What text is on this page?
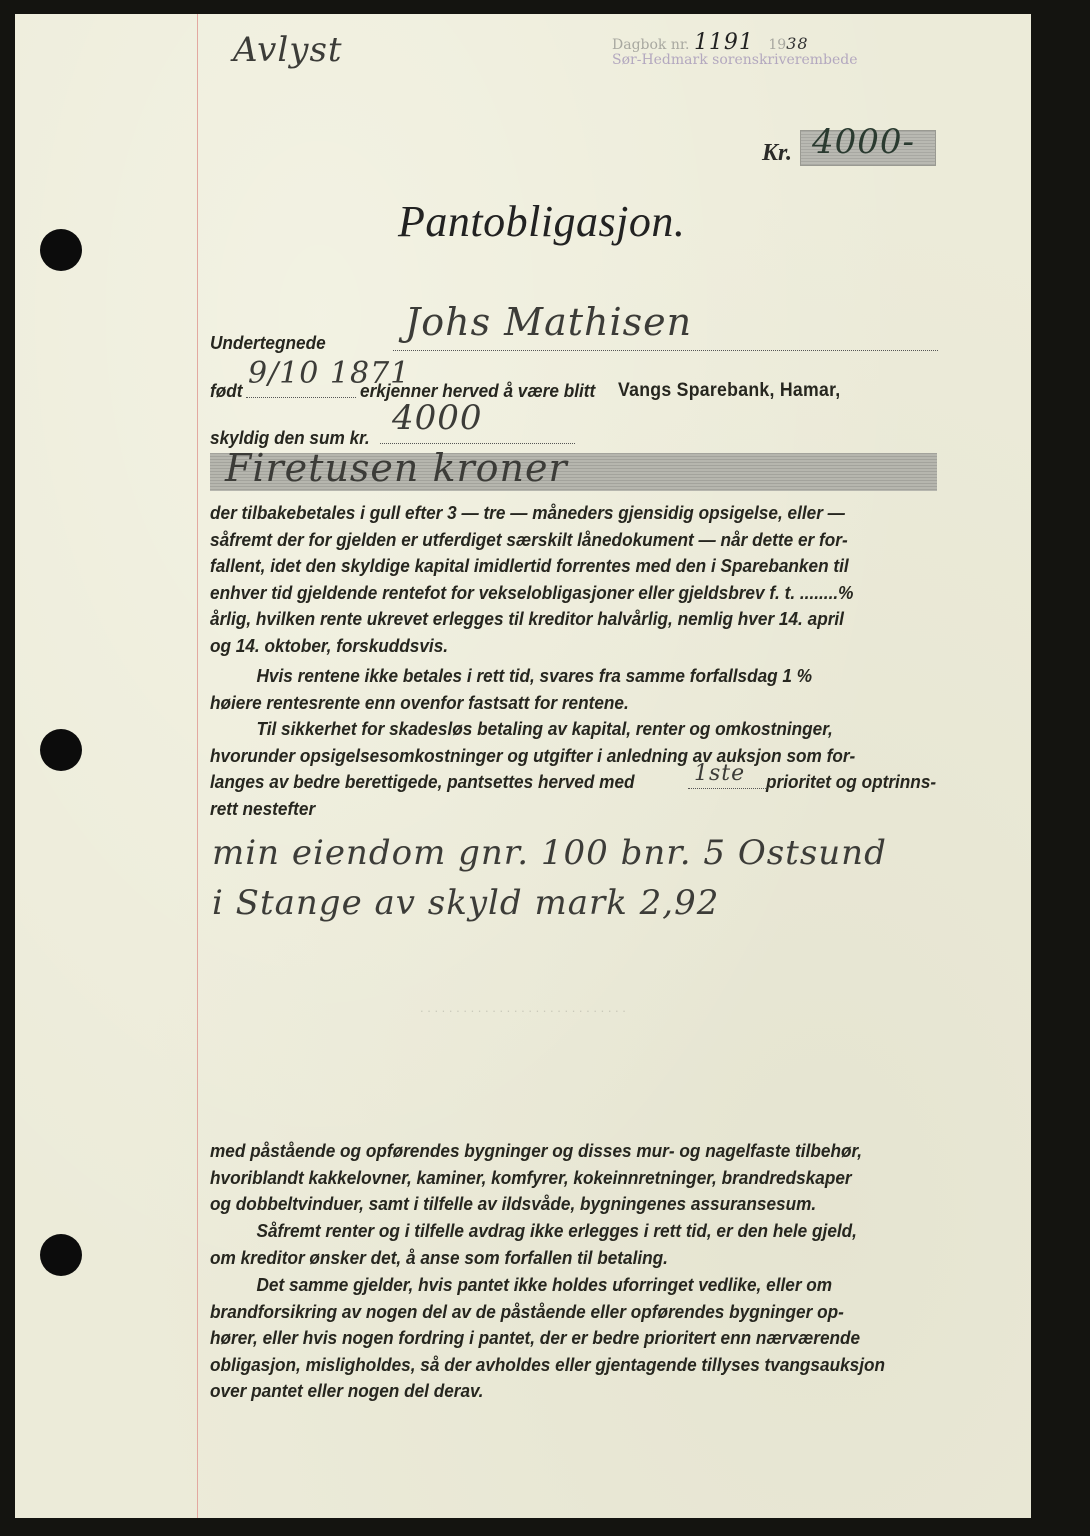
Dagbok nr. 1191 1938
Sør-Hedmark sorenskriverembede
Avlyst
Kr. 4000-
Pantobligasjon.
Undertegnede Johs Mathisen
født 9/10 1871
erkjenner herved å være blitt Vangs Sparebank, Hamar,
skyldig den sum kr. 4000
Firetusen kroner
der tilbakebetales i gull efter 3 — tre — måneders gjensidig opsigelse, eller —
såfremt der for gjelden er utferdiget særskilt lånedokument — når dette er for-
fallent, idet den skyldige kapital imidlertid forrentes med den i Sparebanken til
enhver tid gjeldende rentefot for vekselobligasjoner eller gjeldsbrev f. t. ........%
årlig, hvilken rente ukrevet erlegges til kreditor halvårlig, nemlig hver 14. april
og 14. oktober, forskuddsvis.
Hvis rentene ikke betales i rett tid, svares fra samme forfallsdag 1 %
høiere rentesrente enn ovenfor fastsatt for rentene.
Til sikkerhet for skadesløs betaling av kapital, renter og omkostninger,
hvorunder opsigelsesomkostninger og utgifter i anledning av auksjon som for-
langes av bedre berettigede, pantsettes herved med	1ste prioritet og optrinns-
rett nestefter
min eiendom gnr. 100 bnr. 5 Ostsund
i Stange av skyld mark 2,92
. . . . . . . . . . . . . . . . . . . . . . . . . . . . .
med påstående og opførendes bygninger og disses mur- og nagelfaste tilbehør,
hvoriblandt kakkelovner, kaminer, komfyrer, kokeinnretninger, brandredskaper
og dobbeltvinduer, samt i tilfelle av ildsvåde, bygningenes assuransesum.
Såfremt renter og i tilfelle avdrag ikke erlegges i rett tid, er den hele gjeld,
om kreditor ønsker det, å anse som forfallen til betaling.
Det samme gjelder, hvis pantet ikke holdes uforringet vedlike, eller om
brandforsikring av nogen del av de påstående eller opførendes bygninger op-
hører, eller hvis nogen fordring i pantet, der er bedre prioritert enn nærværende
obligasjon, misligholdes, så der avholdes eller gjentagende tillyses tvangsauksjon
over pantet eller nogen del derav.
